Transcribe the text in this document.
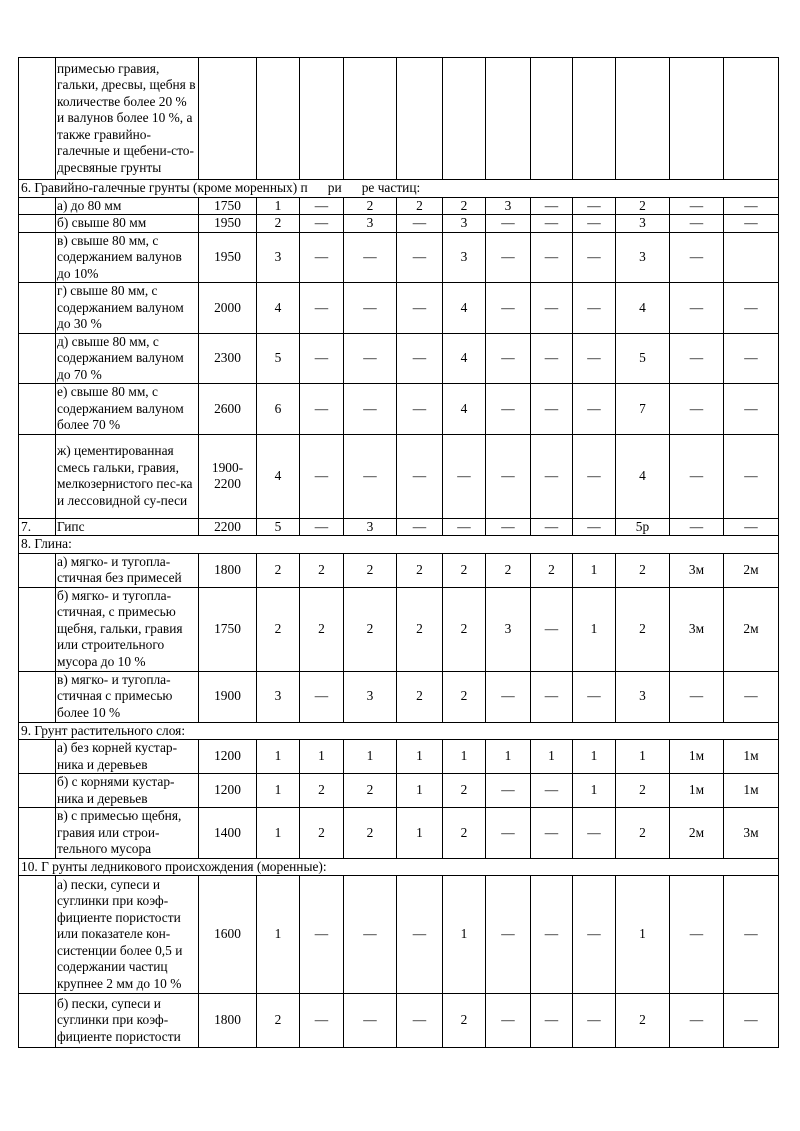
	примесью гравия, гальки, дресвы, щебня в количестве более 20 % и валунов более 10 %, а также гравийно-галечные и щебени-сто-дресвяные грунты												
6. Гравийно-галечные грунты (кроме моренных) п      ри      ре частиц:													
	а) до 80 мм	1750	1	—	2	2	2	3	—	—	2	—	—
	б) свыше 80 мм	1950	2	—	3	—	3	—	—	—	3	—	—
	в) свыше 80 мм, с содержанием валунов до 10%	1950	3	—	—	—	3	—	—	—	3	—	
	г) свыше 80 мм, с содержанием валуном до 30 %	2000	4	—	—	—	4	—	—	—	4	—	—
	д) свыше 80 мм, с содержанием валуном до 70 %	2300	5	—	—	—	4	—	—	—	5	—	—
	е) свыше 80 мм, с содержанием валуном более 70 %	2600	6	—	—	—	4	—	—	—	7	—	—
	ж) цементированная смесь гальки, гравия, мелкозернистого пес-ка и лессовидной су-песи	1900-2200	4	—	—	—	—	—	—	—	4	—	—
7.	Гипс	2200	5	—	3	—	—	—	—	—	5р	—	—
8. Глина:													
	а) мягко- и тугопла-стичная без примесей	1800	2	2	2	2	2	2	2	1	2	3м	2м
	б) мягко- и тугопла-стичная, с примесью щебня, гальки, гравия или строительного мусора до 10 %	1750	2	2	2	2	2	3	—	1	2	3м	2м
	в) мягко- и тугопла-стичная с примесью более 10 %	1900	3	—	3	2	2	—	—	—	3	—	—
9. Грунт растительного слоя:													
	а) без корней кустар-ника и деревьев	1200	1	1	1	1	1	1	1	1	1	1м	1м
	б) с корнями кустар-ника и деревьев	1200	1	2	2	1	2	—	—	1	2	1м	1м
	в) с примесью щебня, гравия или строи-тельного мусора	1400	1	2	2	1	2	—	—	—	2	2м	3м
10. Г рунты ледникового происхождения (моренные):													
	а) пески, супеси и суглинки при коэф-фициенте пористости или показателе кон-систенции более 0,5 и содержании частиц крупнее 2 мм до 10 %	1600	1	—	—	—	1	—	—	—	1	—	—
	б) пески, супеси и суглинки при коэф-фициенте пористости	1800	2	—	—	—	2	—	—	—	2	—	—
